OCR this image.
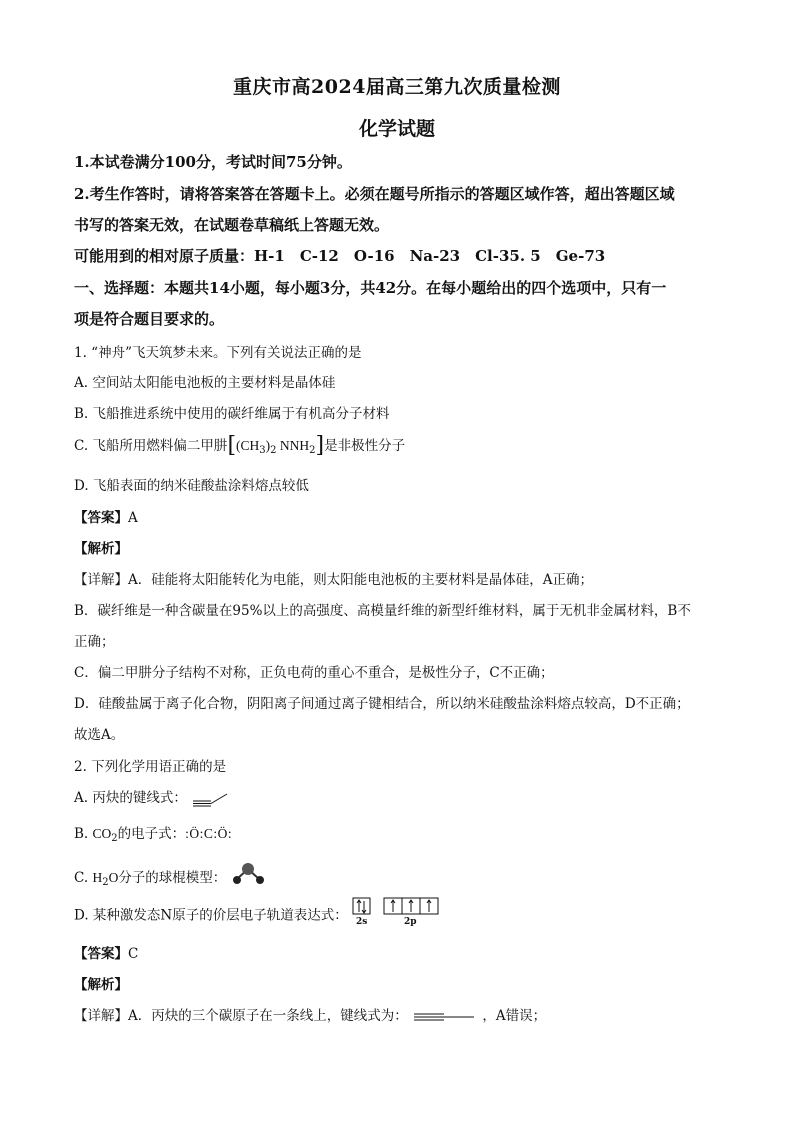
重庆市高2024届高三第九次质量检测
化学试题
1.本试卷满分100分，考试时间75分钟。
2.考生作答时，请将答案答在答题卡上。必须在题号所指示的答题区域作答，超出答题区域
书写的答案无效，在试题卷草稿纸上答题无效。
可能用到的相对原子质量：H-1　C-12　O-16　Na-23　Cl-35. 5　Ge-73
一、选择题：本题共14小题，每小题3分，共42分。在每小题给出的四个选项中，只有一
项是符合题目要求的。
1. “神舟”飞天筑梦未来。下列有关说法正确的是
A. 空间站太阳能电池板的主要材料是晶体硅
B. 飞船推进系统中使用的碳纤维属于有机高分子材料
C. 飞船所用燃料偏二甲肼[$(CH_3)_2$ $NNH_2$]是非极性分子
D. 飞船表面的纳米硅酸盐涂料熔点较低
【答案】A
【解析】
【详解】A．硅能将太阳能转化为电能，则太阳能电池板的主要材料是晶体硅，A正确；
B．碳纤维是一种含碳量在95%以上的高强度、高模量纤维的新型纤维材料，属于无机非金属材料，B不
正确；
C．偏二甲肼分子结构不对称，正负电荷的重心不重合，是极性分子，C不正确；
D．硅酸盐属于离子化合物，阴阳离子间通过离子键相结合，所以纳米硅酸盐涂料熔点较高，D不正确；
故选A。
2. 下列化学用语正确的是
A. 丙炔的键线式：
B. $CO_2$的电子式：:Ö:C:Ö:
C. $H_2O$分子的球棍模型：
D. 某种激发态N原子的价层电子轨道表达式： 2s	2p
【答案】C
【解析】
【详解】A．丙炔的三个碳原子在一条线上，键线式为：	，A错误；
